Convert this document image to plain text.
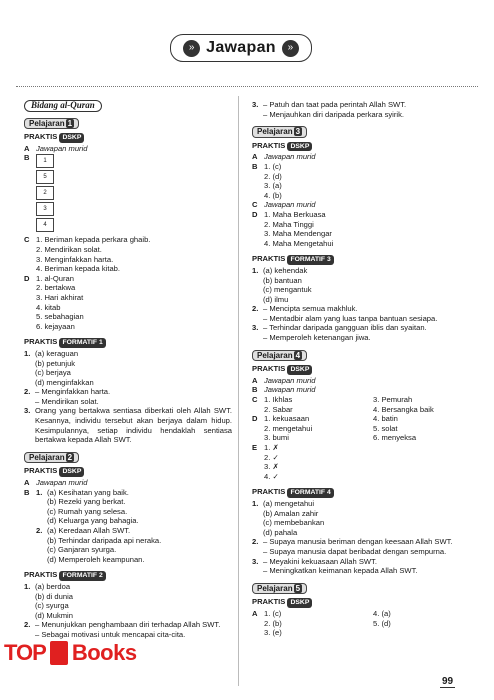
» Jawapan	»
Bidang al-Quran
Pelajaran 1
PRAKTIS DSKP
A Jawapan murid
B	1
5
2
3
4
C 1. Beriman kepada perkara ghaib.
2. Mendirikan solat.
3. Menginfakkan harta.
4. Beriman kepada kitab.
D 1. al-Quran
2. bertakwa
3. Hari akhirat
4. kitab
5. sebahagian
6. kejayaan
PRAKTIS FORMATIF 1
1. (a) keraguan
(b) petunjuk
(c) berjaya
(d) menginfakkan
2. – Menginfakkan harta.
– Mendirikan solat.
3. Orang yang bertakwa sentiasa diberkati oleh Allah SWT. Kesannya, individu tersebut akan berjaya dalam hidup. Kesimpulannya, setiap individu hendaklah sentiasa bertakwa kepada Allah SWT.
Pelajaran 2
PRAKTIS DSKP
A Jawapan murid
B 1. (a) Kesihatan yang baik.
(b) Rezeki yang berkat.
(c) Rumah yang selesa.
(d) Keluarga yang bahagia.
2. (a) Keredaan Allah SWT.
(b) Terhindar daripada api neraka.
(c) Ganjaran syurga.
(d) Memperoleh keampunan.
PRAKTIS FORMATIF 2
1. (a) berdoa
(b) di dunia
(c) syurga
(d) Mukmin
2. – Menunjukkan penghambaan diri terhadap Allah SWT.
– Sebagai motivasi untuk mencapai cita-cita.
3. – Patuh dan taat pada perintah Allah SWT.
– Menjauhkan diri daripada perkara syirik.
Pelajaran 3
PRAKTIS DSKP
A Jawapan murid
B 1. (c)
2. (d)
3. (a)
4. (b)
C Jawapan murid
D 1. Maha Berkuasa
2. Maha Tinggi
3. Maha Mendengar
4. Maha Mengetahui
PRAKTIS FORMATIF 3
1. (a) kehendak
(b) bantuan
(c) mengantuk
(d) ilmu
2. – Mencipta semua makhluk.
– Mentadbir alam yang luas tanpa bantuan sesiapa.
3. – Terhindar daripada gangguan iblis dan syaitan.
– Memperoleh ketenangan jiwa.
Pelajaran 4
PRAKTIS DSKP
A Jawapan murid
B Jawapan murid
C 1. Ikhlas
2. Sabar
3. Pemurah
4. Bersangka baik
D 1. kekuasaan
2. mengetahui
3. bumi
4. batin
5. solat
6. menyeksa
E 1. ✗
2. ✓
3. ✗
4. ✓
PRAKTIS FORMATIF 4
1. (a) mengetahui
(b) Amalan zahir
(c) membebankan
(d) pahala
2. – Supaya manusia beriman dengan keesaan Allah SWT.
– Supaya manusia dapat beribadat dengan sempurna.
3. – Meyakini kekuasaan Allah SWT.
– Meningkatkan keimanan kepada Allah SWT.
Pelajaran 5
PRAKTIS DSKP
A 1. (c)
2. (b)
3. (e)
4. (a)
5. (d)
TOP Books
99
